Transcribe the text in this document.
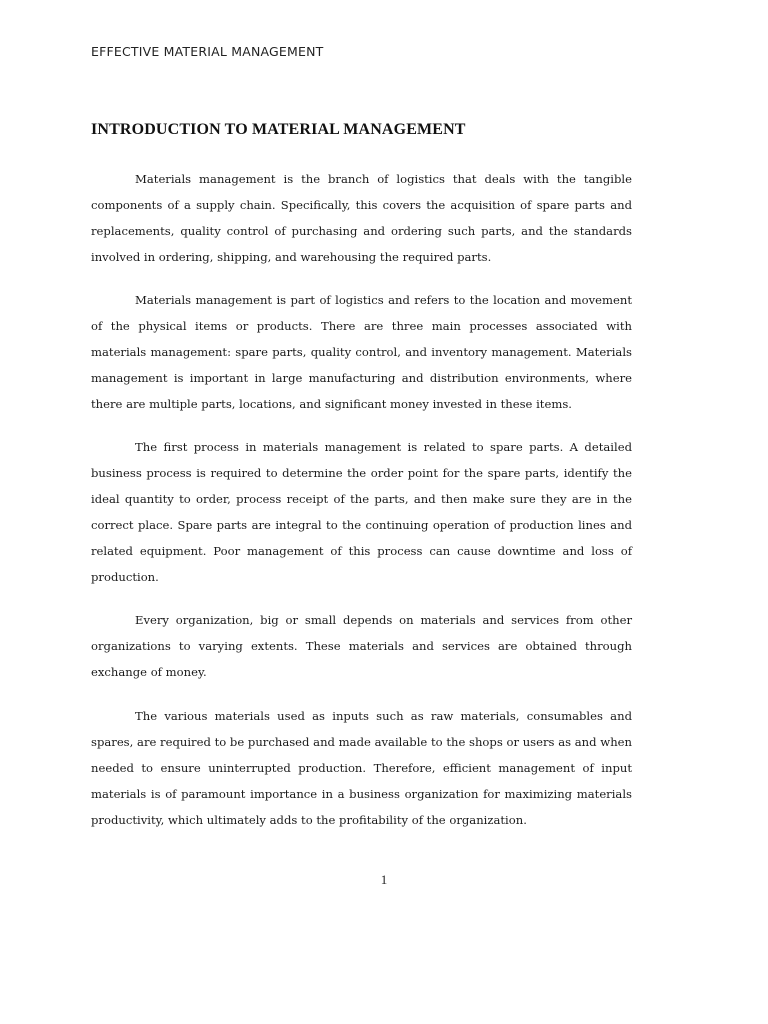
EFFECTIVE MATERIAL MANAGEMENT
INTRODUCTION TO MATERIAL MANAGEMENT

Materials management is the branch of logistics that deals with the tangible components of a supply chain. Specifically, this covers the acquisition of spare parts and replacements, quality control of purchasing and ordering such parts, and the standards involved in ordering, shipping, and warehousing the required parts.

Materials management is part of logistics and refers to the location and movement of the physical items or products. There are three main processes associated with materials management: spare parts, quality control, and inventory management. Materials management is important in large manufacturing and distribution environments, where there are multiple parts, locations, and significant money invested in these items.

The first process in materials management is related to spare parts. A detailed business process is required to determine the order point for the spare parts, identify the ideal quantity to order, process receipt of the parts, and then make sure they are in the correct place. Spare parts are integral to the continuing operation of production lines and related equipment. Poor management of this process can cause downtime and loss of production.

Every organization, big or small depends on materials and services from other organizations to varying extents. These materials and services are obtained through exchange of money.

The various materials used as inputs such as raw materials, consumables and spares, are required to be purchased and made available to the shops or users as and when needed to ensure uninterrupted production. Therefore, efficient management of input materials is of paramount importance in a business organization for maximizing materials productivity, which ultimately adds to the profitability of the organization.

1
